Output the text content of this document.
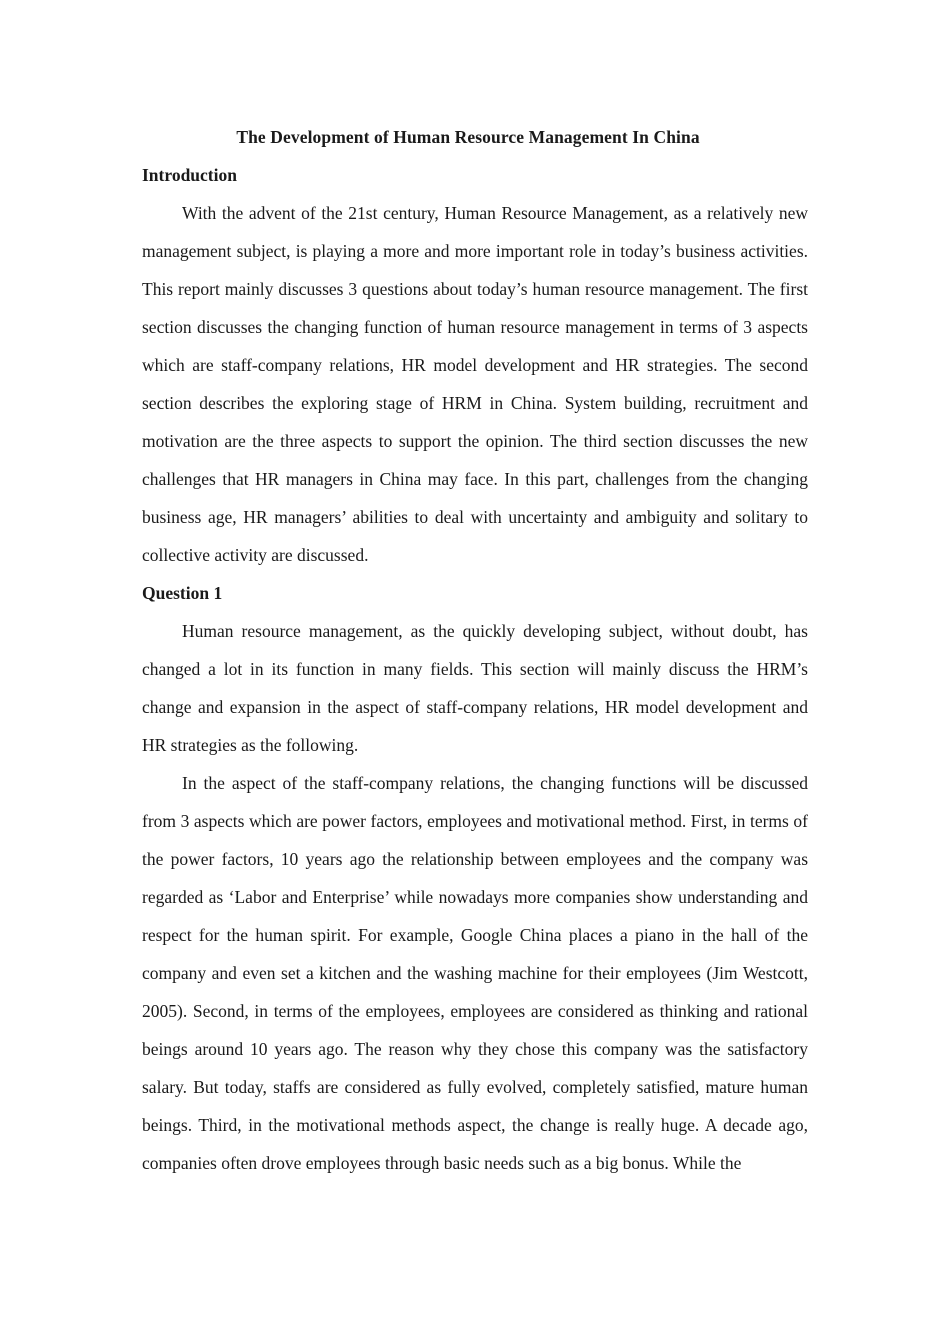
The Development of Human Resource Management In China
Introduction

With the advent of the 21st century, Human Resource Management, as a relatively new management subject, is playing a more and more important role in today’s business activities. This report mainly discusses 3 questions about today’s human resource management. The first section discusses the changing function of human resource management in terms of 3 aspects which are staff-company relations, HR model development and HR strategies. The second section describes the exploring stage of HRM in China. System building, recruitment and motivation are the three aspects to support the opinion. The third section discusses the new challenges that HR managers in China may face. In this part, challenges from the changing business age, HR managers’ abilities to deal with uncertainty and ambiguity and solitary to collective activity are discussed.

Question 1

Human resource management, as the quickly developing subject, without doubt, has changed a lot in its function in many fields. This section will mainly discuss the HRM’s change and expansion in the aspect of staff-company relations, HR model development and HR strategies as the following.

In the aspect of the staff-company relations, the changing functions will be discussed from 3 aspects which are power factors, employees and motivational method. First, in terms of the power factors, 10 years ago the relationship between employees and the company was regarded as ‘Labor and Enterprise’ while nowadays more companies show understanding and respect for the human spirit. For example, Google China places a piano in the hall of the company and even set a kitchen and the washing machine for their employees (Jim Westcott, 2005). Second, in terms of the employees, employees are considered as thinking and rational beings around 10 years ago. The reason why they chose this company was the satisfactory salary. But today, staffs are considered as fully evolved, completely satisfied, mature human beings. Third, in the motivational methods aspect, the change is really huge. A decade ago, companies often drove employees through basic needs such as a big bonus. While the
